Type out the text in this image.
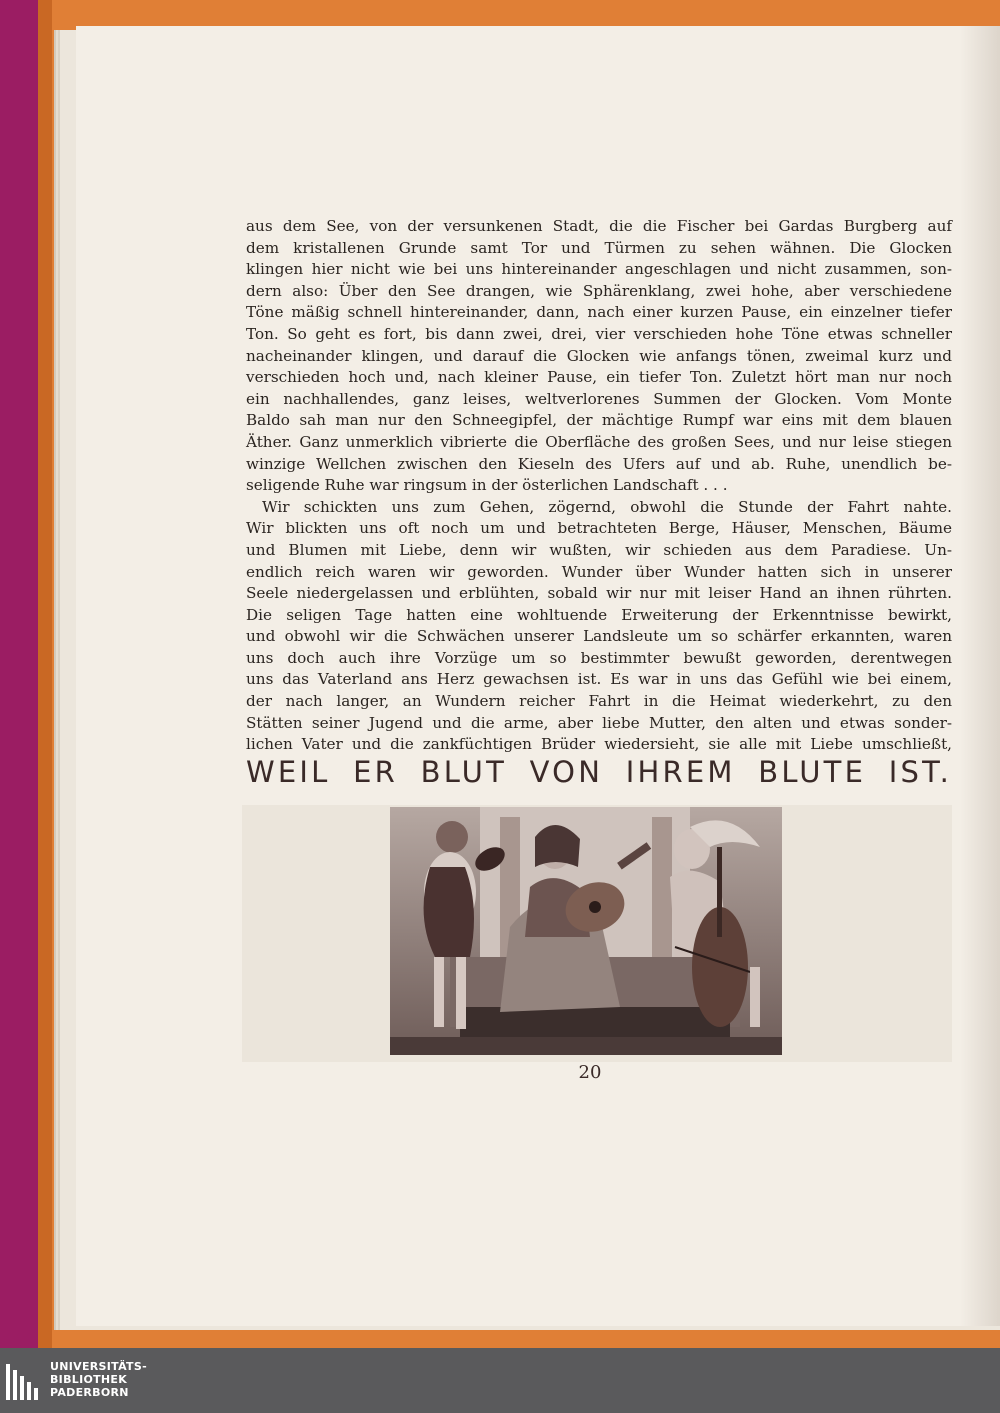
aus dem See, von der versunkenen Stadt, die die Fischer bei Gardas Burgberg auf
dem kristallenen Grunde samt Tor und Türmen zu sehen wähnen. Die Glocken
klingen hier nicht wie bei uns hintereinander angeschlagen und nicht zusammen, son-
dern also: Über den See drangen, wie Sphärenklang, zwei hohe, aber verschiedene
Töne mäßig schnell hintereinander, dann, nach einer kurzen Pause, ein einzelner tiefer
Ton. So geht es fort, bis dann zwei, drei, vier verschieden hohe Töne etwas schneller
nacheinander klingen, und darauf die Glocken wie anfangs tönen, zweimal kurz und
verschieden hoch und, nach kleiner Pause, ein tiefer Ton. Zuletzt hört man nur noch
ein nachhallendes, ganz leises, weltverlorenes Summen der Glocken. Vom Monte
Baldo sah man nur den Schneegipfel, der mächtige Rumpf war eins mit dem blauen
Äther. Ganz unmerklich vibrierte die Oberfläche des großen Sees, und nur leise stiegen
winzige Wellchen zwischen den Kieseln des Ufers auf und ab. Ruhe, unendlich be-
seligende Ruhe war ringsum in der österlichen Landschaft . . .
Wir schickten uns zum Gehen, zögernd, obwohl die Stunde der Fahrt nahte.
Wir blickten uns oft noch um und betrachteten Berge, Häuser, Menschen, Bäume
und Blumen mit Liebe, denn wir wußten, wir schieden aus dem Paradiese. Un-
endlich reich waren wir geworden. Wunder über Wunder hatten sich in unserer
Seele niedergelassen und erblühten, sobald wir nur mit leiser Hand an ihnen rührten.
Die seligen Tage hatten eine wohltuende Erweiterung der Erkenntnisse bewirkt,
und obwohl wir die Schwächen unserer Landsleute um so schärfer erkannten, waren
uns doch auch ihre Vorzüge um so bestimmter bewußt geworden, derentwegen
uns das Vaterland ans Herz gewachsen ist. Es war in uns das Gefühl wie bei einem,
der nach langer, an Wundern reicher Fahrt in die Heimat wiederkehrt, zu den
Stätten seiner Jugend und die arme, aber liebe Mutter, den alten und etwas sonder-
lichen Vater und die zankfüchtigen Brüder wiedersieht, sie alle mit Liebe umschließt,
WEIL ER BLUT VON IHREM BLUTE IST.
20
UNIVERSITÄTS-
BIBLIOTHEK
PADERBORN
